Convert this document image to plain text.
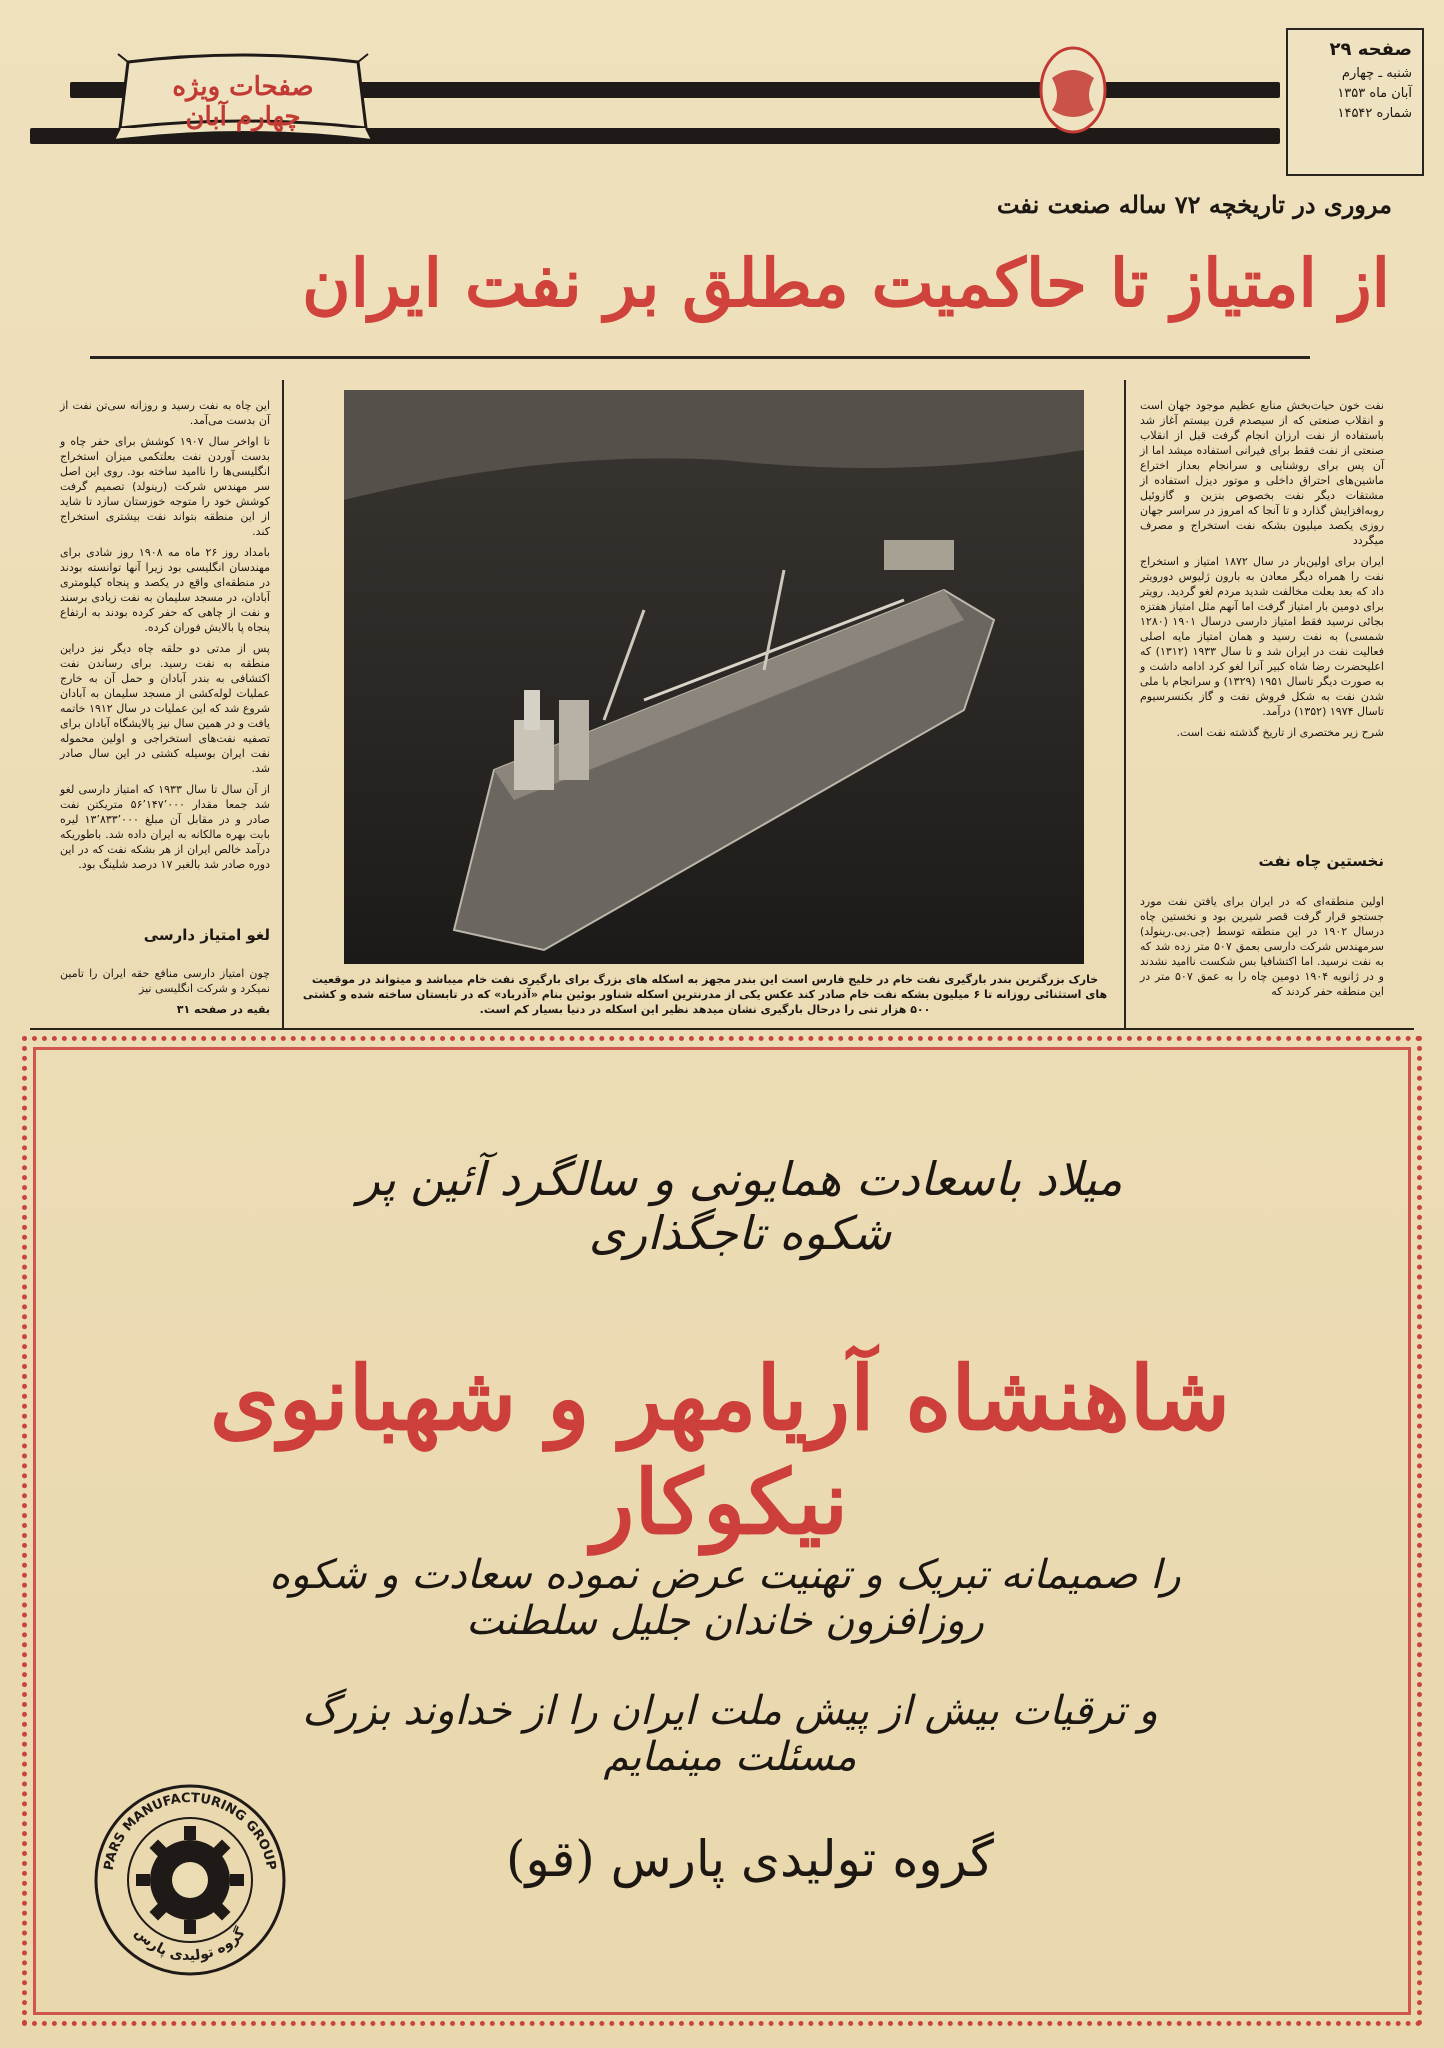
صفحات ویژه چهارم آبان
صفحه ۲۹
شنبه ـ چهارم
آبان ماه ۱۳۵۳
شماره ۱۴۵۴۲
مروری در تاریخچه ۷۲ ساله صنعت نفت
از امتیاز تا حاکمیت مطلق بر نفت ایران

نفت خون حیات‌بخش منابع عظیم موجود جهان است و انقلاب صنعتی که از سیصدم قرن بیستم آغاز شد باستفاده از نفت ارزان انجام گرفت قبل از انقلاب صنعتی از نفت فقط برای فیرانی استفاده میشد اما از آن پس برای روشنایی و سرانجام بعداز اختراع ماشین‌های احتراق داخلی و موتور دیزل استفاده از مشتقات دیگر نفت بخصوص بنزین و گازوئیل روبه‌افزایش گذارد و تا آنجا که امروز در سراسر جهان روزی یکصد میلیون بشکه نفت استخراج و مصرف میگردد

ایران برای اولین‌بار در سال ۱۸۷۲ امتیاز و استخراج نفت را همراه دیگر معادن به بارون ژلیوس دورویتر داد که بعد بعلت مخالفت شدید مردم لغو گردید. رویتر برای دومین بار امتیاز گرفت اما آنهم مثل امتیاز هفتزه بجائی نرسید فقط امتیاز دارسی درسال ۱۹۰۱ (۱۲۸۰ شمسی) به نفت رسید و همان امتیاز مایه اصلی فعالیت نفت در ایران شد و تا سال ۱۹۳۳ (۱۳۱۲) که اعلیحضرت رضا شاه کبیر آنرا لغو کرد ادامه داشت و به صورت دیگر تاسال ۱۹۵۱ (۱۳۲۹) و سرانجام با ملی شدن نفت به شکل فروش نفت و گاز بکنسرسیوم تاسال ۱۹۷۴ (۱۳۵۲) درآمد.

شرح زیر مختصری از تاریخ گذشته نفت است.

نخستین چاه نفت
اولین منطقه‌ای که در ایران برای یافتن نفت مورد جستجو قرار گرفت قصر شیرین بود و نخستین چاه درسال ۱۹۰۲ در این منطقه توسط (جی.بی.رینولد) سرمهندس شرکت دارسی بعمق ۵۰۷ متر زده شد که به نفت نرسید. اما اکتشافیا بس شکست ناامید نشدند و در ژانویه ۱۹۰۴ دومین چاه را به عمق ۵۰۷ متر در این منطقه حفر کردند که

این چاه به نفت رسید و روزانه سی‌تن نفت از آن بدست می‌آمد.

تا اواخر سال ۱۹۰۷ کوشش برای حفر چاه و بدست آوردن نفت بعلتکمی میزان استخراج انگلیسی‌ها را ناامید ساخته بود. روی این اصل سر مهندس شرکت (رینولد) تصمیم گرفت کوشش خود را متوجه خوزستان سازد تا شاید از این منطقه بتواند نفت بیشتری استخراج کند.

بامداد روز ۲۶ ماه مه ۱۹۰۸ روز شادی برای مهندسان انگلیسی بود زیرا آنها توانسته بودند در منطقه‌ای واقع در یکصد و پنجاه کیلومتری آبادان، در مسجد سلیمان به نفت زیادی برسند و نفت از چاهی که حفر کرده بودند به ارتفاع پنجاه پا بالایش فوران کرده.

پس از مدتی دو حلقه چاه دیگر نیز دراین منطقه به نفت رسید. برای رساندن نفت اکتشافی به بندر آبادان و حمل آن به خارج عملیات لوله‌کشی از مسجد سلیمان به آبادان شروع شد که این عملیات در سال ۱۹۱۲ خاتمه یافت و در همین سال نیز پالایشگاه آبادان برای تصفیه نفت‌های استخراجی و اولین محموله نفت ایران بوسیله کشتی در این سال صادر شد.

از آن سال تا سال ۱۹۳۳ که امتیاز دارسی لغو شد جمعا مقدار ۵۶٬۱۴۷٬۰۰۰ متریکتن نفت صادر و در مقابل آن مبلغ ۱۳٬۸۳۳٬۰۰۰ لیره بابت بهره مالکانه به ایران داده شد. باطوریکه درآمد خالص ایران از هر بشکه نفت که در این دوره صادر شد بالغبر ۱۷ درصد شلینگ بود.

لغو امتیاز دارسی

چون امتیاز دارسی منافع حقه ایران را تامین نمیکرد و شرکت انگلیسی نیز

بقیه در صفحه ۳۱

خارک بزرگترین بندر بارگیری نفت خام در خلیج فارس است این بندر مجهز به اسکله های بزرگ برای بارگیری نفت خام میباشد و میتواند در موقعیت های استثنائی روزانه تا ۶ میلیون بشکه نفت خام صادر کند عکس یکی از مدرنترین اسکله شناور بوئین بنام «آذرباد» که در تابستان ساخته شده و کشتی ۵۰۰ هزار تنی را درحال بارگیری نشان میدهد نظیر این اسکله در دنیا بسیار کم است.
میلاد باسعادت همایونی و سالگرد آئین پر شکوه تاجگذاری
شاهنشاه آریامهر و شهبانوی نیکوکار
را صمیمانه تبریک و تهنیت عرض نموده سعادت و شکوه روزافزون خاندان جلیل سلطنت
و ترقیات بیش از پیش ملت ایران را از خداوند بزرگ مسئلت مینمایم
گروه تولیدی پارس (قو)
PARS MANUFACTURING GROUP
گروه تولیدی پارس
